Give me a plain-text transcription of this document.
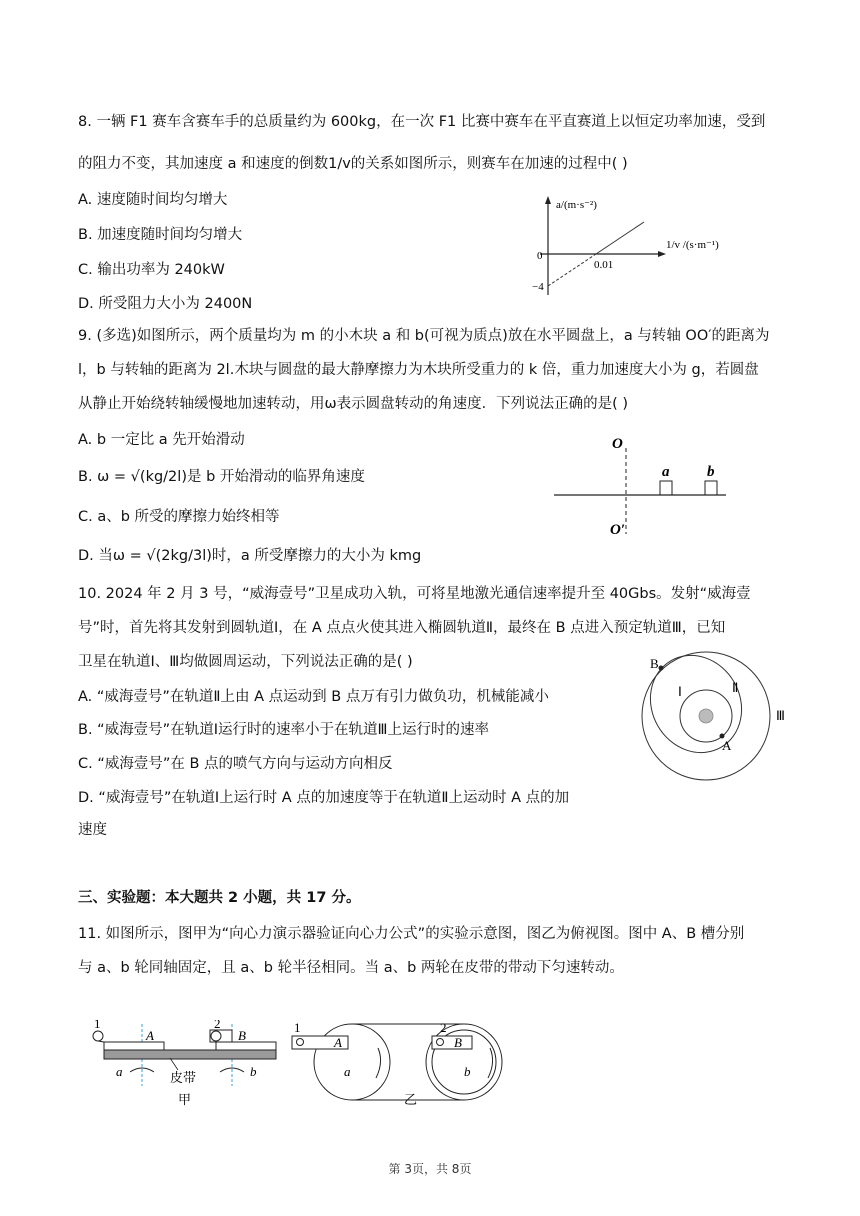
8. 一辆 F1 赛车含赛车手的总质量约为 600kg，在一次 F1 比赛中赛车在平直赛道上以恒定功率加速，受到
的阻力不变，其加速度 a 和速度的倒数1/v的关系如图所示，则赛车在加速的过程中( )
A. 速度随时间均匀增大
B. 加速度随时间均匀增大
C. 输出功率为 240kW
D. 所受阻力大小为 2400N
a/(m·s⁻²)
1/v /(s·m⁻¹)
0
0.01
−4
9. (多选)如图所示，两个质量均为 m 的小木块 a 和 b(可视为质点)放在水平圆盘上，a 与转轴 OO′的距离为
l，b 与转轴的距离为 2l.木块与圆盘的最大静摩擦力为木块所受重力的 k 倍，重力加速度大小为 g，若圆盘
从静止开始绕转轴缓慢地加速转动，用ω表示圆盘转动的角速度．下列说法正确的是( )
A. b 一定比 a 先开始滑动
B. ω = √(kg/2l)是 b 开始滑动的临界角速度
C. a、b 所受的摩擦力始终相等
D. 当ω = √(2kg/3l)时，a 所受摩擦力的大小为 kmg
O
O′
a	b
10. 2024 年 2 月 3 号，“威海壹号”卫星成功入轨，可将星地激光通信速率提升至 40Gbs。发射“威海壹
号”时，首先将其发射到圆轨道Ⅰ，在 A 点点火使其进入椭圆轨道Ⅱ，最终在 B 点进入预定轨道Ⅲ，已知
卫星在轨道Ⅰ、Ⅲ均做圆周运动，下列说法正确的是( )
A. “威海壹号”在轨道Ⅱ上由 A 点运动到 B 点万有引力做负功，机械能减小
B. “威海壹号”在轨道Ⅰ运行时的速率小于在轨道Ⅲ上运行时的速率
C. “威海壹号”在 B 点的喷气方向与运动方向相反
D. “威海壹号”在轨道Ⅰ上运行时 A 点的加速度等于在轨道Ⅱ上运动时 A 点的加
速度
B
A
Ⅰ	Ⅱ
Ⅲ
三、实验题：本大题共 2 小题，共 17 分。
11. 如图所示，图甲为“向心力演示器验证向心力公式”的实验示意图，图乙为俯视图。图中 A、B 槽分别
与 a、b 轮同轴固定，且 a、b 轮半径相同。当 a、b 两轮在皮带的带动下匀速转动。
1	2
A	B
a	b
皮带
甲
1	2
A	B
a	b
乙
第 3页，共 8页
